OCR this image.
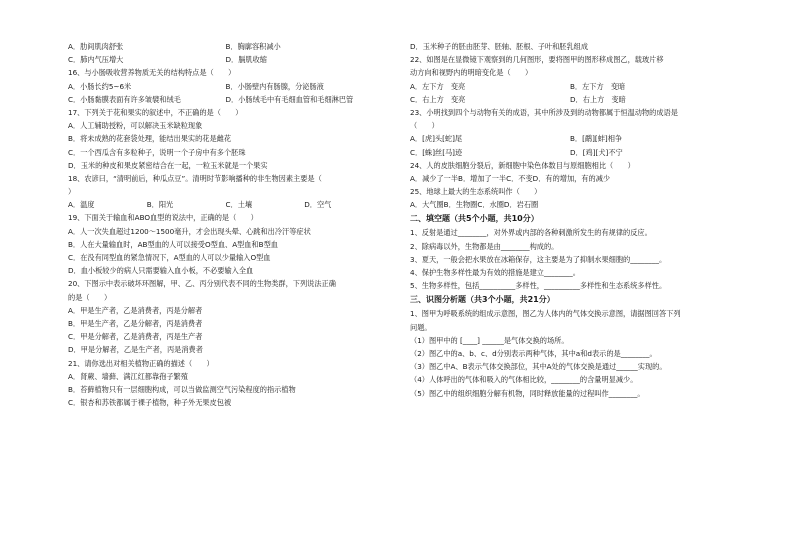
A．肋间肌肉舒张	B．胸廓容积减小
C．肺内气压增大	D．膈肌收缩
16、与小肠吸收营养物质无关的结构特点是（　　）
A．小肠长约5~6米	B．小肠壁内有肠腺，分泌肠液
C．小肠黏膜表面有许多皱襞和绒毛	D．小肠绒毛中有毛细血管和毛细淋巴管
17、下列关于花和果实的叙述中，不正确的是（　　）
A．人工辅助授粉，可以解决玉米缺粒现象
B．将未成熟的花套袋处理，能结出果实的花是雌花
C．一个西瓜含有多粒种子，说明一个子房中有多个胚珠
D．玉米的种皮和果皮紧密结合在一起，一粒玉米就是一个果实
18、农谚曰，“清明前后，种瓜点豆”。清明时节影响播种的非生物因素主要是（
）
A．温度	B．阳光	C．土壤	D．空气
19、下面关于输血和ABO血型的说法中，正确的是（　　）
A．人一次失血超过1200～1500毫升，才会出现头晕、心跳和出冷汗等症状
B．人在大量输血时，AB型血的人可以接受O型血、A型血和B型血
C．在没有同型血的紧急情况下，A型血的人可以少量输入O型血
D．血小板较少的病人只需要输入血小板，不必要输入全血
20、下图示中表示破坏环图解，甲、乙、丙分别代表不同的生物类群，下列说法正确
的是（　　）
A．甲是生产者，乙是消费者，丙是分解者
B．甲是生产者，乙是分解者，丙是消费者
C．甲是分解者，乙是消费者，丙是生产者
D．甲是分解者，乙是生产者，丙是消费者
21、请你选出对相关植物正确的描述（　　）
A．肾蕨、墙藓、满江红都靠孢子繁殖
B．苔藓植物只有一层细胞构成，可以当做监测空气污染程度的指示植物
C．银杏和苏铁都属于裸子植物，种子外无果皮包被
D．玉米种子的胚由胚芽、胚轴、胚根、子叶和胚乳组成
22、如图是在显微镜下观察到的几何图形，要将图甲的图形移成图乙，载玻片移
动方向和视野内的明暗变化是（　　）
A．左下方　变亮	B．左下方　变暗
C．右上方　变亮	D．右上方　变暗
23、小明找到四个与动物有关的成语，其中所涉及到的动物都属于恒温动物的成语是
（　　）
A．[虎]头[蛇]尾	B．[鹬][蚌]相争
C．[蛛]丝[马]迹	D．[鸡][犬]不宁
24、人的皮肤细胞分裂后，新细胞中染色体数目与原细胞相比（　　）
A．减少了一半B．增加了一半C．不变D．有的增加，有的减少
25、地球上最大的生态系统叫作（　　）
A．大气圈B．生物圈C．水圈D．岩石圈
二、填空题（共5个小题，共10分）
1、反射是通过________，对外界或内部的各种刺激所发生的有规律的反应。
2、除病毒以外，生物都是由________构成的。
3、夏天，一般会把水果放在冰箱保存，这主要是为了抑制水果细胞的________。
4、保护生物多样性最为有效的措施是建立________。
5、生物多样性，包括__________多样性，__________多样性和生态系统多样性。
三、识图分析题（共3个小题，共21分）
1、图甲为呼吸系统的组成示意图，图乙为人体内的气体交换示意图，请据图回答下列
问题。
（1）图甲中的 [____] ______是气体交换的场所。
（2）图乙中的a、b、c、d分别表示两种气体，其中a和d表示的是________。
（3）图乙中A、B表示气体交换部位，其中A处的气体交换是通过______实现的。
（4）人体呼出的气体和吸入的气体相比较，________的含量明显减少。
（5）图乙中的组织细胞分解有机物，同时释放能量的过程叫作________。
